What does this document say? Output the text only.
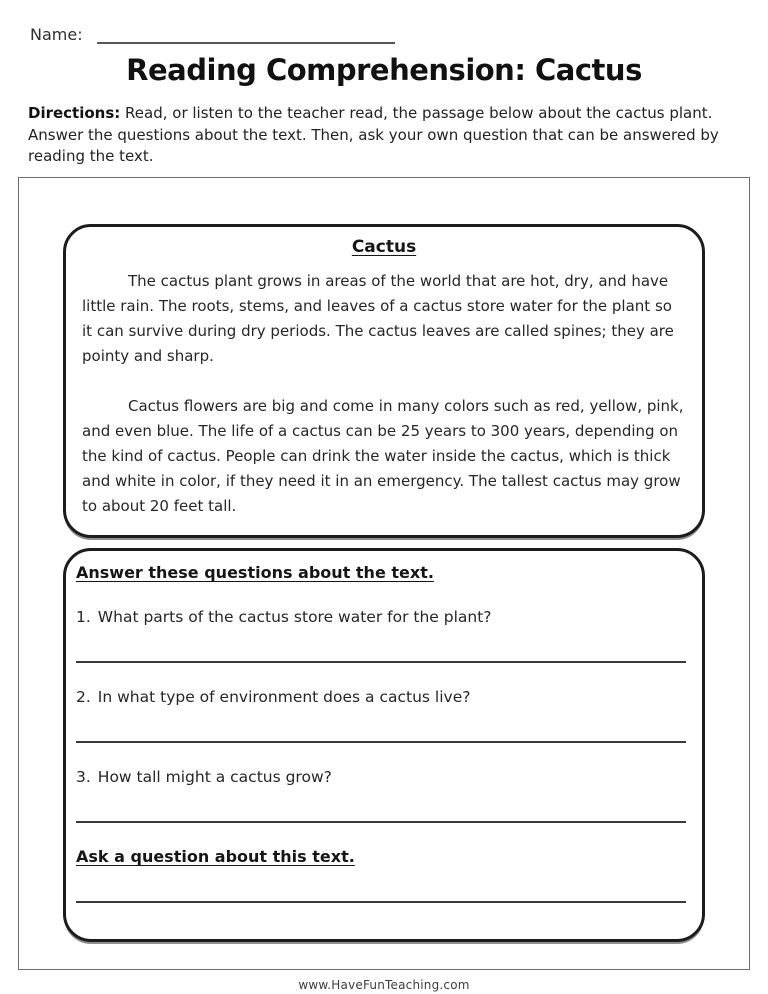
Name:
Reading Comprehension: Cactus

Directions: Read, or listen to the teacher read, the passage below about the cactus plant. Answer the questions about the text. Then, ask your own question that can be answered by reading the text.

Cactus

The cactus plant grows in areas of the world that are hot, dry, and have little rain. The roots, stems, and leaves of a cactus store water for the plant so it can survive during dry periods. The cactus leaves are called spines; they are pointy and sharp.

Cactus flowers are big and come in many colors such as red, yellow, pink, and even blue. The life of a cactus can be 25 years to 300 years, depending on the kind of cactus. People can drink the water inside the cactus, which is thick and white in color, if they need it in an emergency. The tallest cactus may grow to about 20 feet tall.

Answer these questions about the text.

1. What parts of the cactus store water for the plant?

2. In what type of environment does a cactus live?

3. How tall might a cactus grow?

Ask a question about this text.
www.HaveFunTeaching.com
